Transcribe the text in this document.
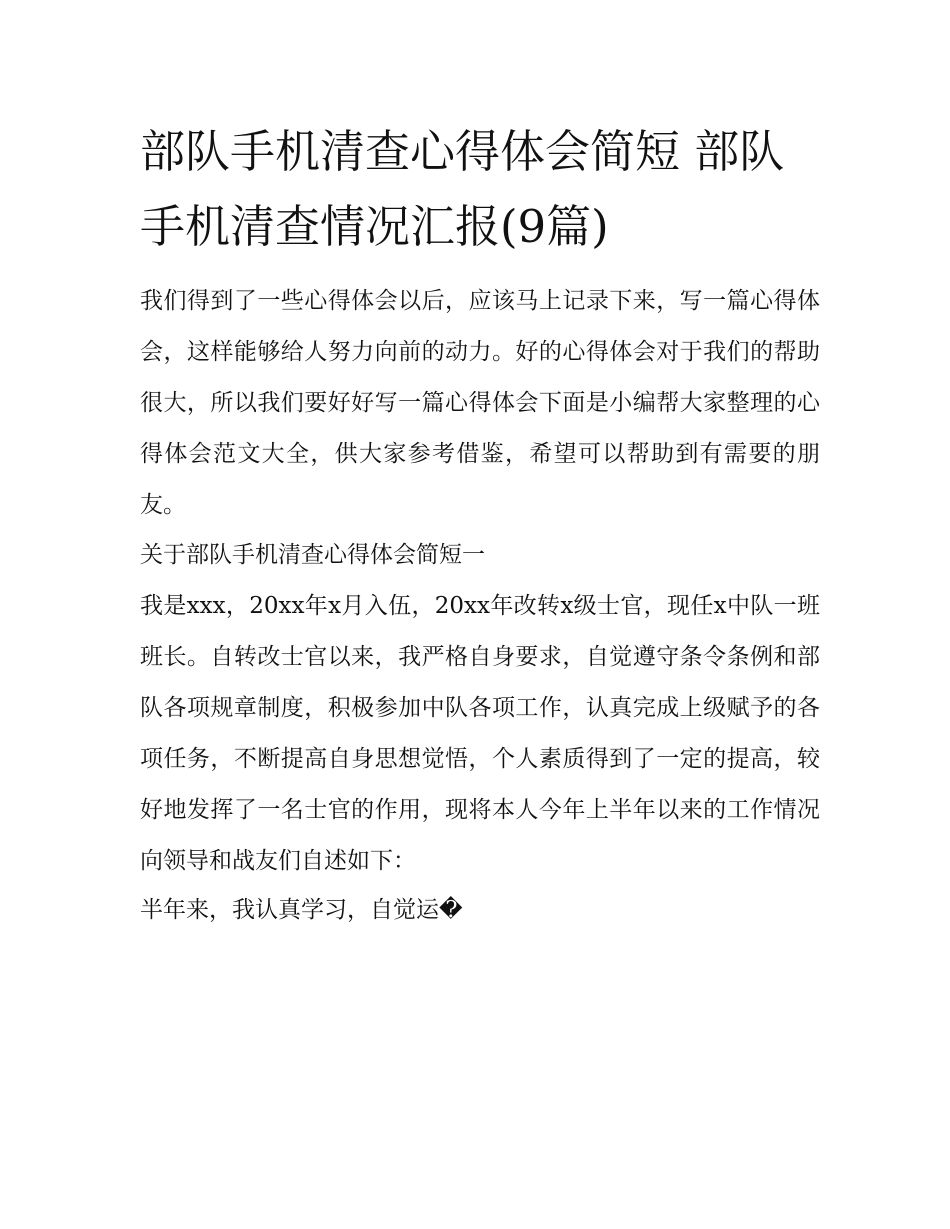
部队手机清查心得体会简短 部队手机清查情况汇报(9篇)

我们得到了一些心得体会以后，应该马上记录下来，写一篇心得体会，这样能够给人努力向前的动力。好的心得体会对于我们的帮助很大，所以我们要好好写一篇心得体会下面是小编帮大家整理的心得体会范文大全，供大家参考借鉴，希望可以帮助到有需要的朋友。

关于部队手机清查心得体会简短一

我是xxx，20xx年x月入伍，20xx年改转x级士官，现任x中队一班班长。自转改士官以来，我严格自身要求，自觉遵守条令条例和部队各项规章制度，积极参加中队各项工作，认真完成上级赋予的各项任务，不断提高自身思想觉悟，个人素质得到了一定的提高，较好地发挥了一名士官的作用，现将本人今年上半年以来的工作情况向领导和战友们自述如下：

半年来，我认真学习，自觉运�
